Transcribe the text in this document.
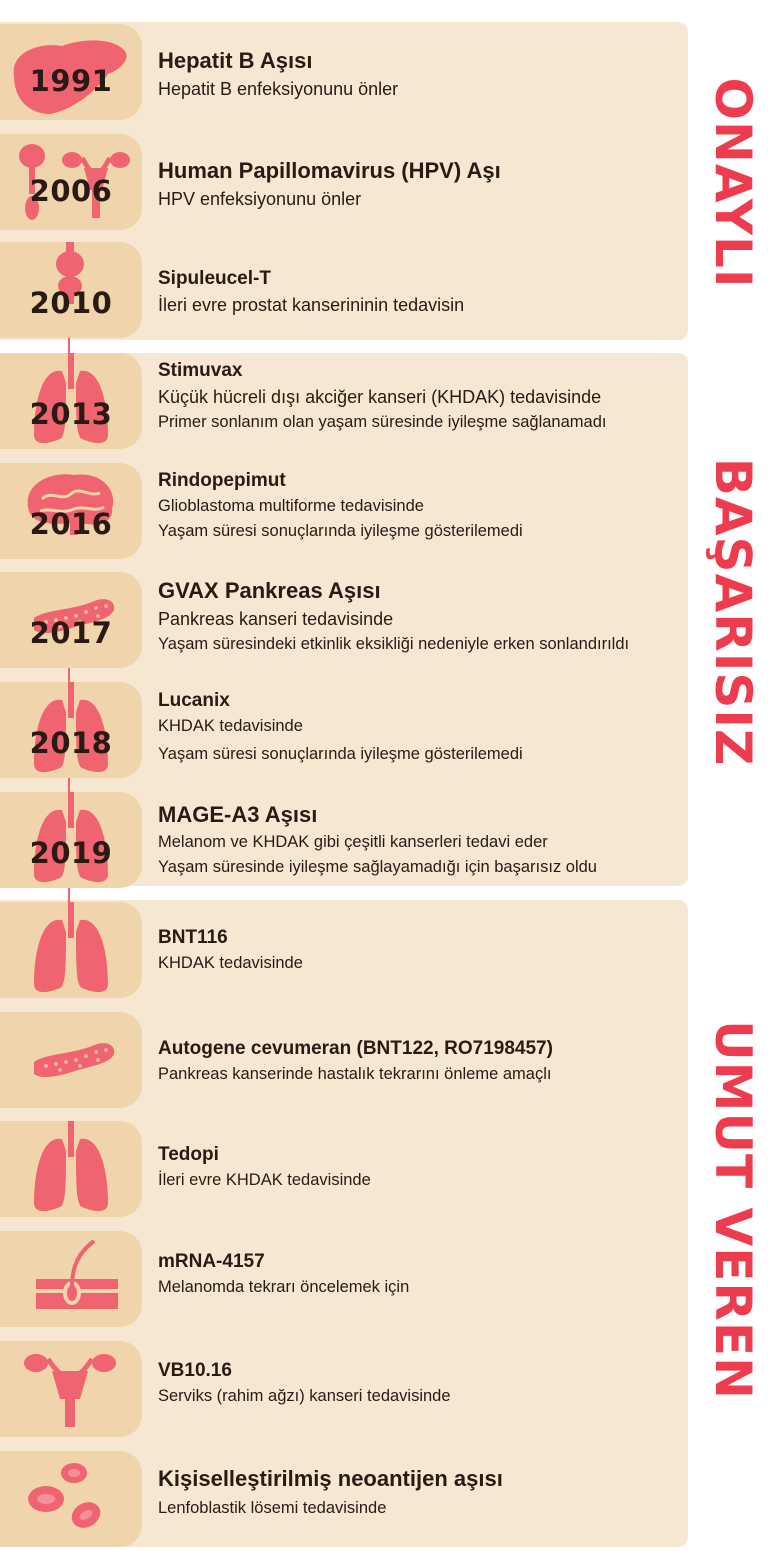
1991
Hepatit B Aşısı
Hepatit B enfeksiyonunu önler
2006
Human Papillomavirus (HPV) Aşı
HPV enfeksiyonunu önler
2010
Sipuleucel-T
İleri evre prostat kanserininin tedavisin
2013
Stimuvax
Küçük hücreli dışı akciğer kanseri (KHDAK) tedavisinde
Primer sonlanım olan yaşam süresinde iyileşme sağlanamadı
2016
Rindopepimut
Glioblastoma multiforme tedavisinde
Yaşam süresi sonuçlarında iyileşme gösterilemedi
2017
GVAX Pankreas Aşısı
Pankreas kanseri tedavisinde
Yaşam süresindeki etkinlik eksikliği nedeniyle erken sonlandırıldı
2018
Lucanix
KHDAK tedavisinde
Yaşam süresi sonuçlarında iyileşme gösterilemedi
2019
MAGE-A3 Aşısı
Melanom ve KHDAK gibi çeşitli kanserleri tedavi eder
Yaşam süresinde iyileşme sağlayamadığı için başarısız oldu
BNT116
KHDAK tedavisinde
Autogene cevumeran (BNT122, RO7198457)
Pankreas kanserinde hastalık tekrarını önleme amaçlı
Tedopi
İleri evre KHDAK tedavisinde
mRNA-4157
Melanomda tekrarı öncelemek için
VB10.16
Serviks (rahim ağzı) kanseri tedavisinde
Kişiselleştirilmiş neoantijen aşısı
Lenfoblastik lösemi tedavisinde
ONAYLI
BAŞARISIZ
UMUT VEREN
